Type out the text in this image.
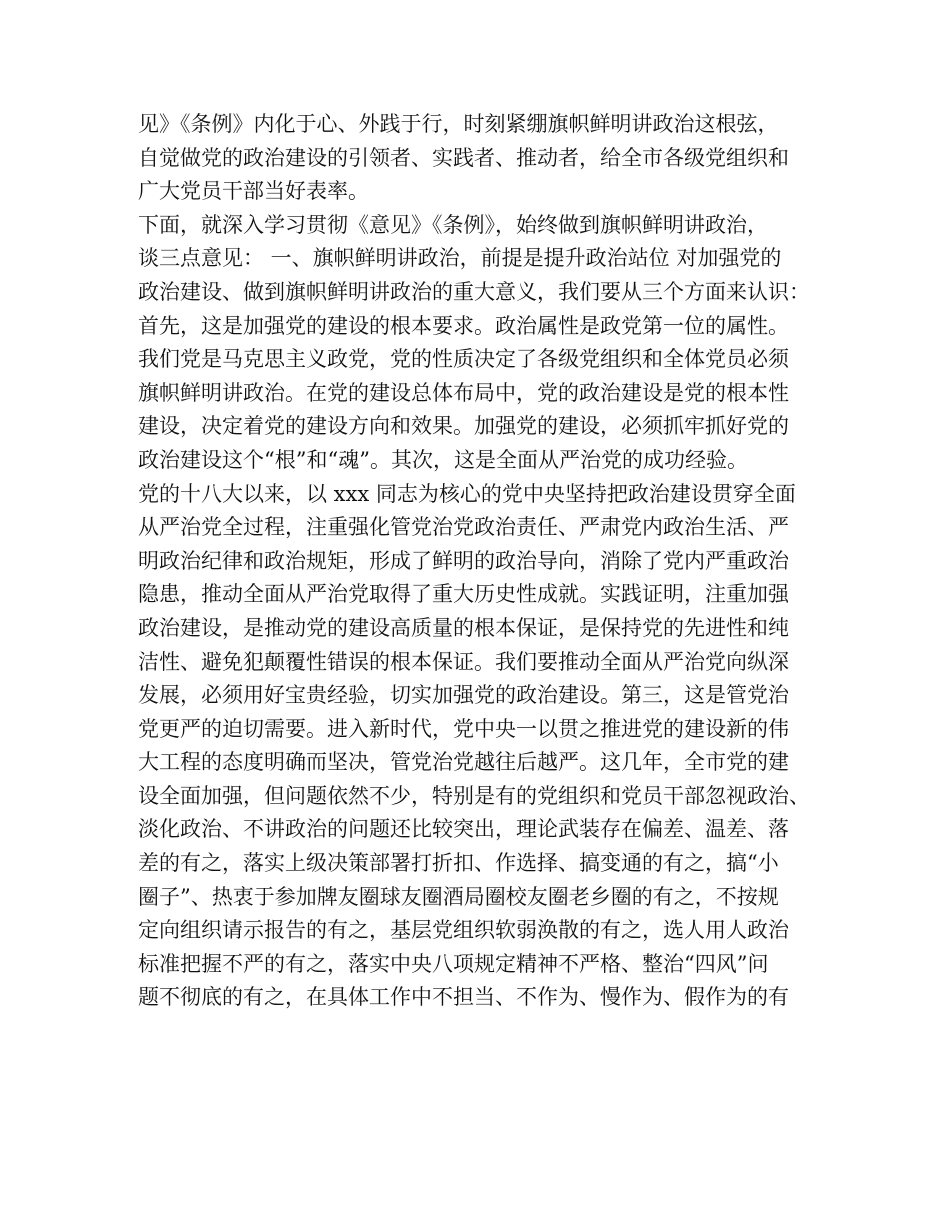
见》《条例》内化于心、外践于行，时刻紧绷旗帜鲜明讲政治这根弦，
自觉做党的政治建设的引领者、实践者、推动者，给全市各级党组织和
广大党员干部当好表率。
下面，就深入学习贯彻《意见》《条例》，始终做到旗帜鲜明讲政治，
谈三点意见： 一、旗帜鲜明讲政治，前提是提升政治站位 对加强党的
政治建设、做到旗帜鲜明讲政治的重大意义，我们要从三个方面来认识：
首先，这是加强党的建设的根本要求。政治属性是政党第一位的属性。
我们党是马克思主义政党，党的性质决定了各级党组织和全体党员必须
旗帜鲜明讲政治。在党的建设总体布局中，党的政治建设是党的根本性
建设，决定着党的建设方向和效果。加强党的建设，必须抓牢抓好党的
政治建设这个“根”和“魂”。其次，这是全面从严治党的成功经验。
党的十八大以来，以 xxx 同志为核心的党中央坚持把政治建设贯穿全面
从严治党全过程，注重强化管党治党政治责任、严肃党内政治生活、严
明政治纪律和政治规矩，形成了鲜明的政治导向，消除了党内严重政治
隐患，推动全面从严治党取得了重大历史性成就。实践证明，注重加强
政治建设，是推动党的建设高质量的根本保证，是保持党的先进性和纯
洁性、避免犯颠覆性错误的根本保证。我们要推动全面从严治党向纵深
发展，必须用好宝贵经验，切实加强党的政治建设。第三，这是管党治
党更严的迫切需要。进入新时代，党中央一以贯之推进党的建设新的伟
大工程的态度明确而坚决，管党治党越往后越严。这几年，全市党的建
设全面加强，但问题依然不少，特别是有的党组织和党员干部忽视政治、
淡化政治、不讲政治的问题还比较突出，理论武装存在偏差、温差、落
差的有之，落实上级决策部署打折扣、作选择、搞变通的有之，搞“小
圈子”、热衷于参加牌友圈球友圈酒局圈校友圈老乡圈的有之，不按规
定向组织请示报告的有之，基层党组织软弱涣散的有之，选人用人政治
标准把握不严的有之，落实中央八项规定精神不严格、整治“四风”问
题不彻底的有之，在具体工作中不担当、不作为、慢作为、假作为的有
